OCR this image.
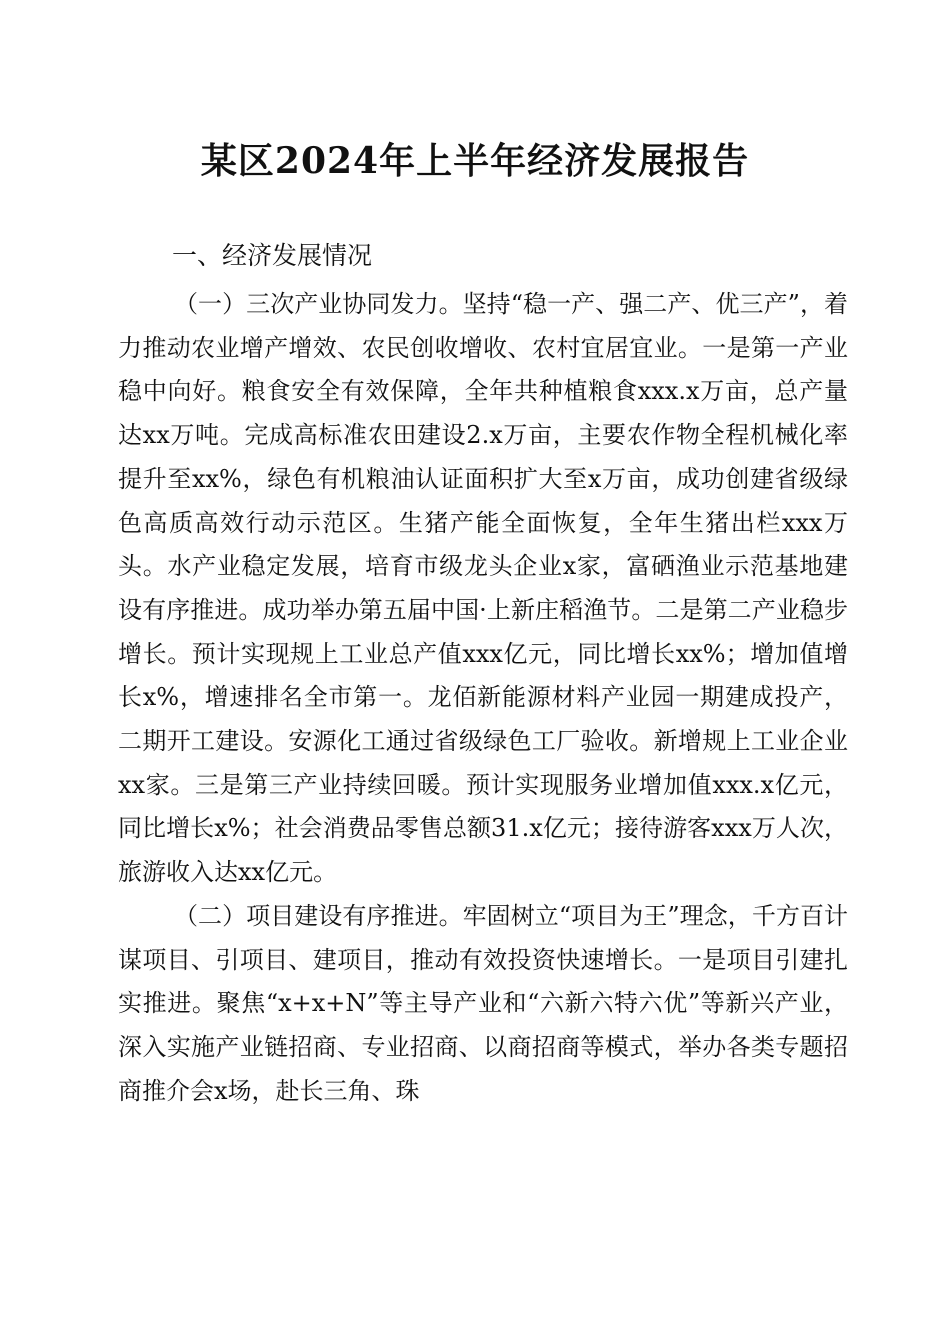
某区2024年上半年经济发展报告
一、经济发展情况

（一）三次产业协同发力。坚持“稳一产、强二产、优三产”，着力推动农业增产增效、农民创收增收、农村宜居宜业。一是第一产业稳中向好。粮食安全有效保障，全年共种植粮食xxx.x万亩，总产量达xx万吨。完成高标准农田建设2.x万亩，主要农作物全程机械化率提升至xx%，绿色有机粮油认证面积扩大至x万亩，成功创建省级绿色高质高效行动示范区。生猪产能全面恢复，全年生猪出栏xxx万头。水产业稳定发展，培育市级龙头企业x家，富硒渔业示范基地建设有序推进。成功举办第五届中国·上新庄稻渔节。二是第二产业稳步增长。预计实现规上工业总产值xxx亿元，同比增长xx%；增加值增长x%，增速排名全市第一。龙佰新能源材料产业园一期建成投产，二期开工建设。安源化工通过省级绿色工厂验收。新增规上工业企业xx家。三是第三产业持续回暖。预计实现服务业增加值xxx.x亿元，同比增长x%；社会消费品零售总额31.x亿元；接待游客xxx万人次，旅游收入达xx亿元。

（二）项目建设有序推进。牢固树立“项目为王”理念，千方百计谋项目、引项目、建项目，推动有效投资快速增长。一是项目引建扎实推进。聚焦“x+x+N”等主导产业和“六新六特六优”等新兴产业，深入实施产业链招商、专业招商、以商招商等模式，举办各类专题招商推介会x场，赴长三角、珠
